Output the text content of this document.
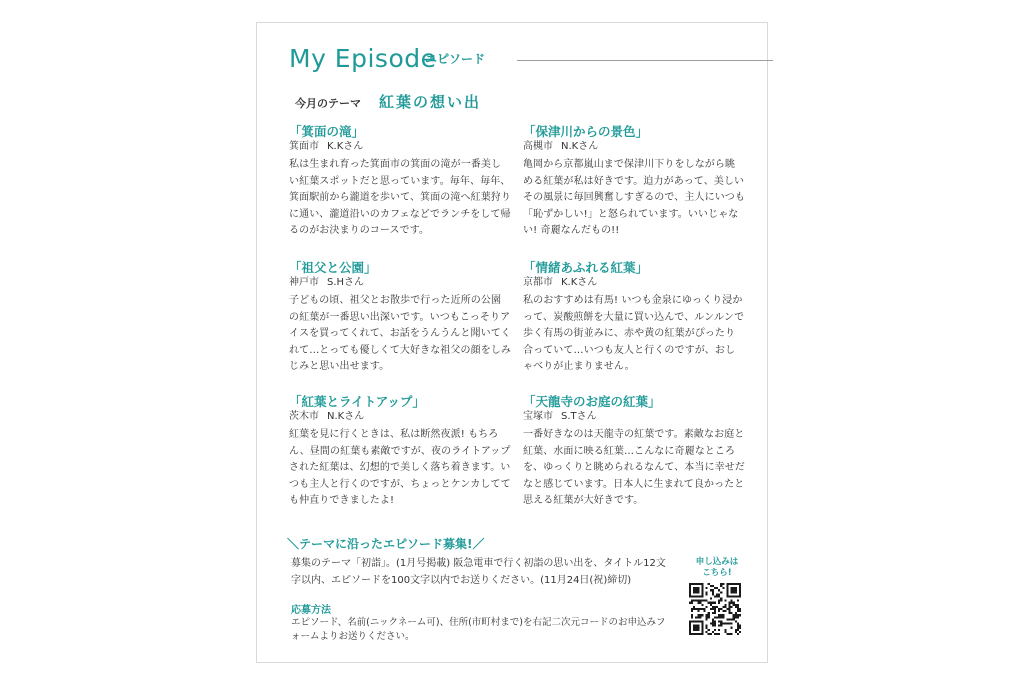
My Episode
エピソード
今月のテーマ 紅葉の想い出
「箕面の滝」
箕面市 K.Kさん
私は生まれ育った箕面市の箕面の滝が一番美しい紅葉スポットだと思っています。毎年、毎年、箕面駅前から瀧道を歩いて、箕面の滝へ紅葉狩りに通い、瀧道沿いのカフェなどでランチをして帰るのがお決まりのコースです。
「保津川からの景色」
高槻市 N.Kさん
亀岡から京都嵐山まで保津川下りをしながら眺める紅葉が私は好きです。迫力があって、美しいその風景に毎回興奮しすぎるので、主人にいつも「恥ずかしい!」と怒られています。いいじゃない! 奇麗なんだもの!!
「祖父と公園」
神戸市 S.Hさん
子どもの頃、祖父とお散歩で行った近所の公園の紅葉が一番思い出深いです。いつもこっそりアイスを買ってくれて、お話をうんうんと聞いてくれて…とっても優しくて大好きな祖父の顔をしみじみと思い出せます。
「情緒あふれる紅葉」
京都市 K.Kさん
私のおすすめは有馬! いつも金泉にゆっくり浸かって、炭酸煎餅を大量に買い込んで、ルンルンで歩く有馬の街並みに、赤や黄の紅葉がぴったり合っていて…いつも友人と行くのですが、おしゃべりが止まりません。
「紅葉とライトアップ」
茨木市 N.Kさん
紅葉を見に行くときは、私は断然夜派! もちろん、昼間の紅葉も素敵ですが、夜のライトアップされた紅葉は、幻想的で美しく落ち着きます。いつも主人と行くのですが、ちょっとケンカしてても仲直りできましたよ!
「天龍寺のお庭の紅葉」
宝塚市 S.Tさん
一番好きなのは天龍寺の紅葉です。素敵なお庭と紅葉、水面に映る紅葉…こんなに奇麗なところを、ゆっくりと眺められるなんて、本当に幸せだなと感じています。日本人に生まれて良かったと思える紅葉が大好きです。
＼テーマに沿ったエピソード募集!／
募集のテーマ「初詣」。(1月号掲載) 阪急電車で行く初詣の思い出を、タイトル12文字以内、エピソードを100文字以内でお送りください。(11月24日(祝)締切)
応募方法
エピソード、名前(ニックネーム可)、住所(市町村まで)を右記二次元コードのお申込みフォームよりお送りください。
申し込みは
こちら!
